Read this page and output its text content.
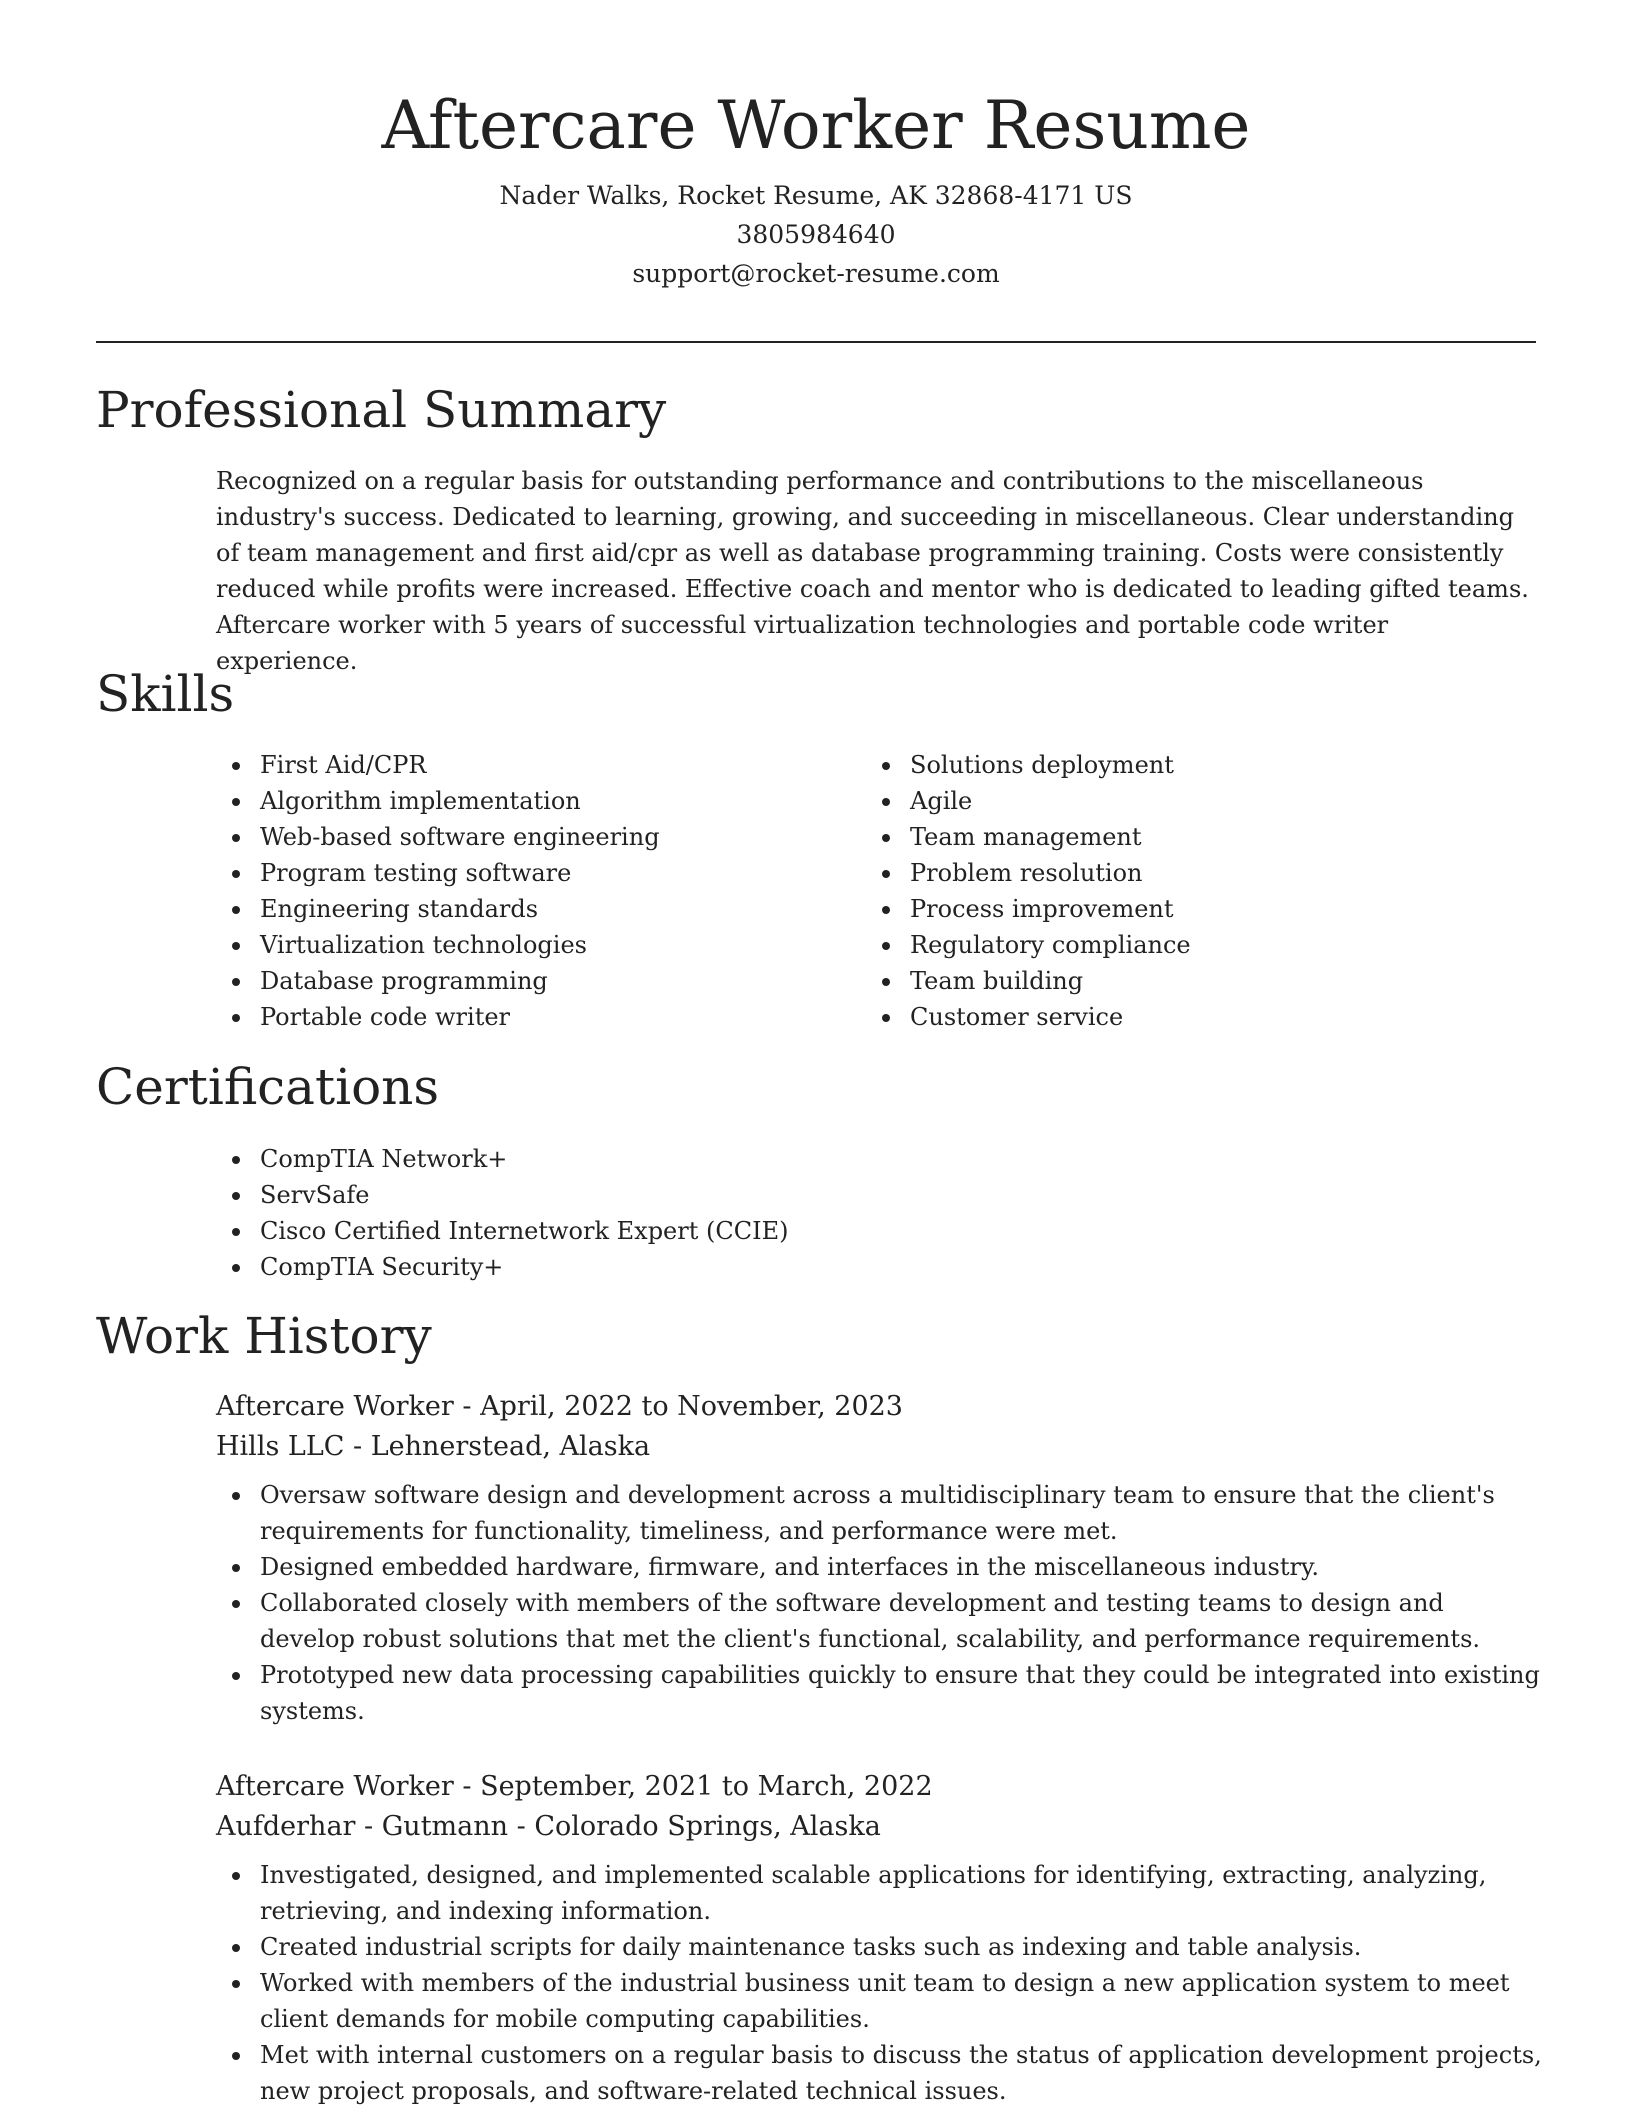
Aftercare Worker Resume
Nader Walks, Rocket Resume, AK 32868-4171 US
3805984640
support@rocket-resume.com
Professional Summary

Recognized on a regular basis for outstanding performance and contributions to the miscellaneous industry's success. Dedicated to learning, growing, and succeeding in miscellaneous. Clear understanding of team management and first aid/cpr as well as database programming training. Costs were consistently reduced while profits were increased. Effective coach and mentor who is dedicated to leading gifted teams. Aftercare worker with 5 years of successful virtualization technologies and portable code writer experience.

Skills
First Aid/CPR
Algorithm implementation
Web-based software engineering
Program testing software
Engineering standards
Virtualization technologies
Database programming
Portable code writer
Solutions deployment
Agile
Team management
Problem resolution
Process improvement
Regulatory compliance
Team building
Customer service
Certifications
CompTIA Network+
ServSafe
Cisco Certified Internetwork Expert (CCIE)
CompTIA Security+
Work History

Aftercare Worker - April, 2022 to November, 2023

Hills LLC - Lehnerstead, Alaska

Oversaw software design and development across a multidisciplinary team to ensure that the client's requirements for functionality, timeliness, and performance were met.
Designed embedded hardware, firmware, and interfaces in the miscellaneous industry.
Collaborated closely with members of the software development and testing teams to design and develop robust solutions that met the client's functional, scalability, and performance requirements.
Prototyped new data processing capabilities quickly to ensure that they could be integrated into existing systems.

Aftercare Worker - September, 2021 to March, 2022

Aufderhar - Gutmann - Colorado Springs, Alaska

Investigated, designed, and implemented scalable applications for identifying, extracting, analyzing, retrieving, and indexing information.
Created industrial scripts for daily maintenance tasks such as indexing and table analysis.
Worked with members of the industrial business unit team to design a new application system to meet client demands for mobile computing capabilities.
Met with internal customers on a regular basis to discuss the status of application development projects, new project proposals, and software-related technical issues.
